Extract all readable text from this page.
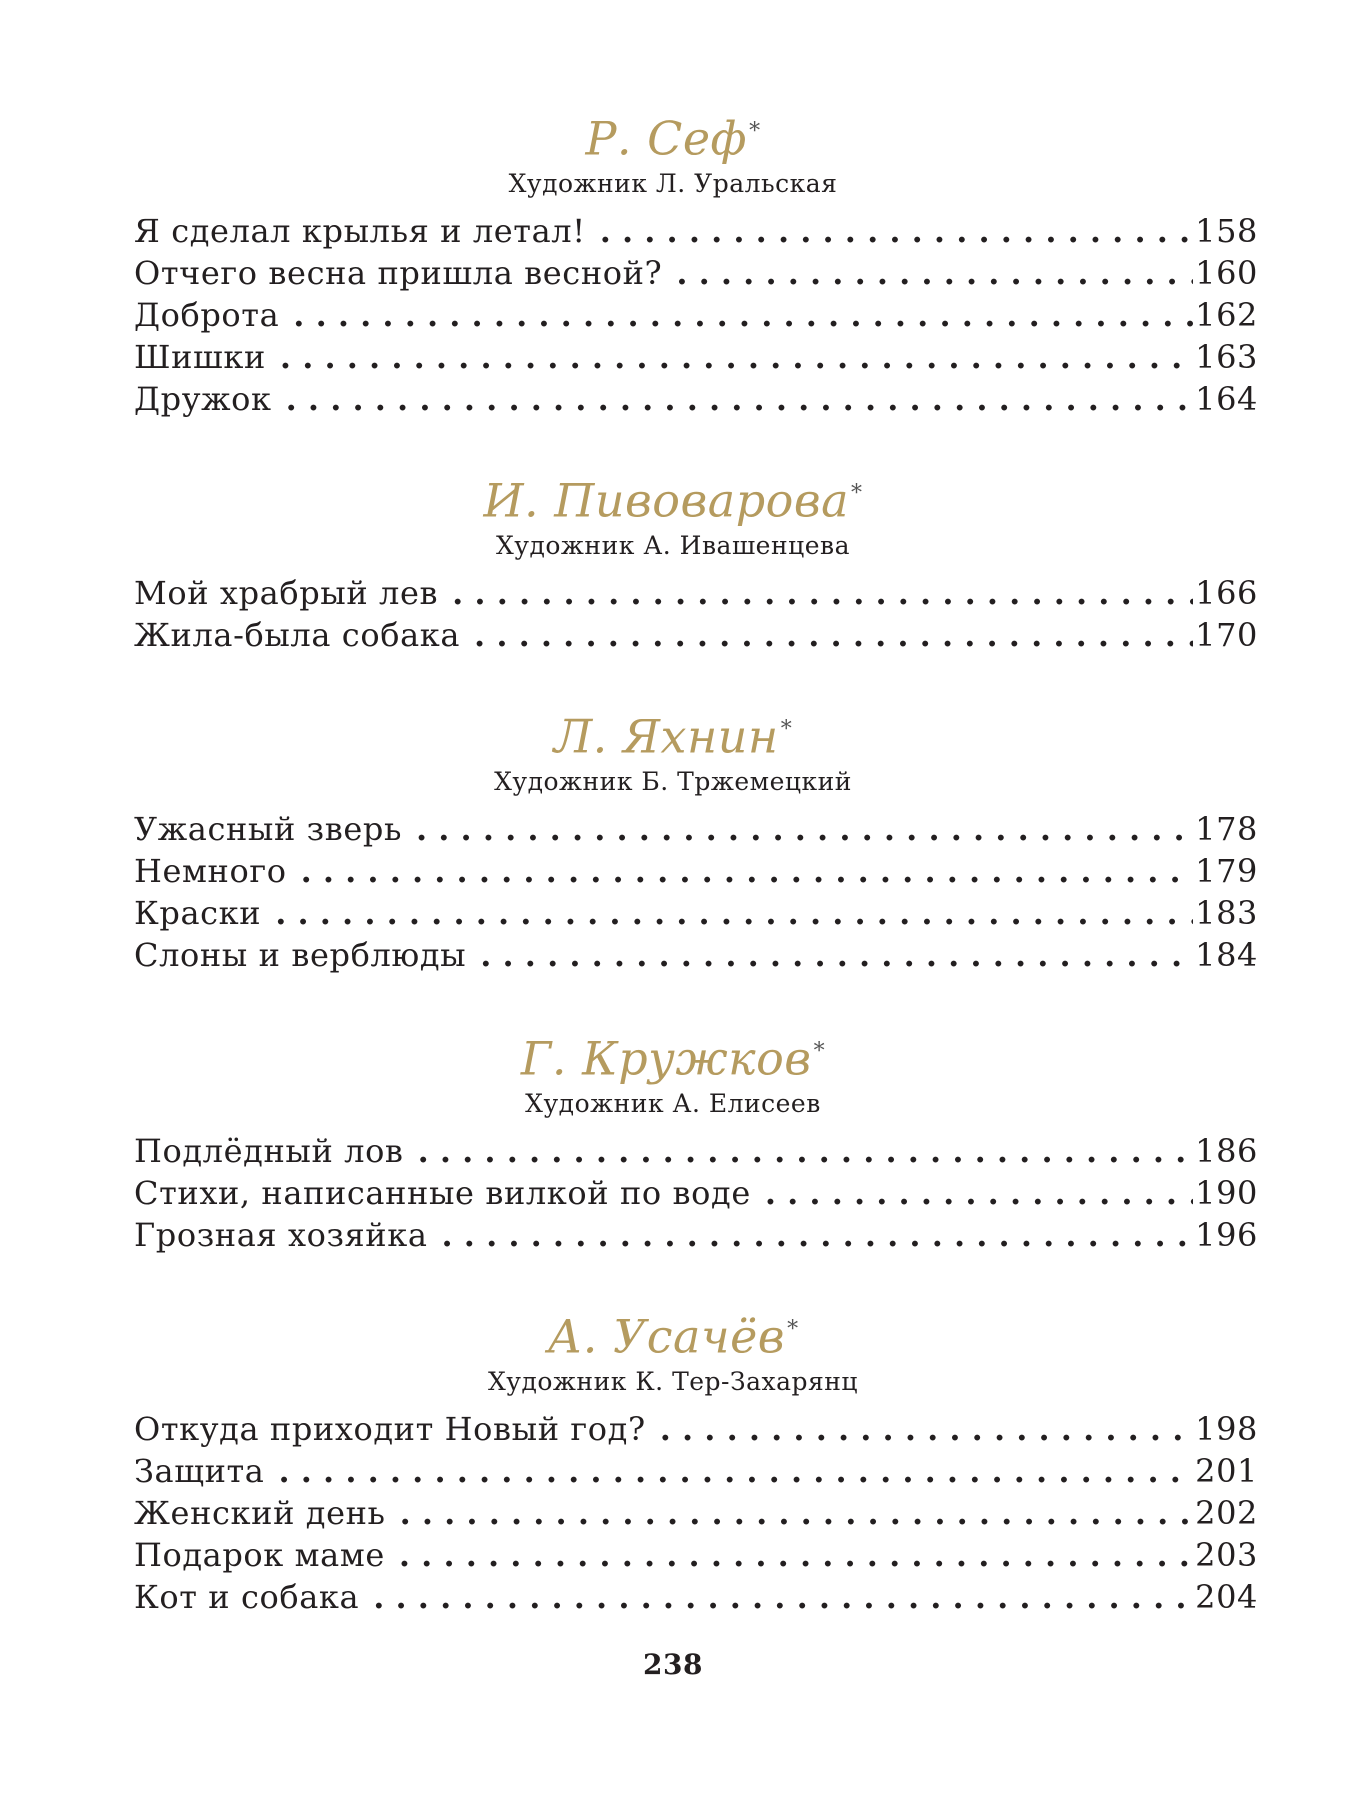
Р. Сеф*
Художник Л. Уральская
Я сделал крылья и летал! . . .	158
Отчего весна пришла весной? . . .	160
Доброта . . .	162
Шишки . . .	163
Дружок . . .	164
И. Пивоварова*
Художник А. Ивашенцева
Мой храбрый лев . . .	166
Жила-была собака . . .	170
Л. Яхнин*
Художник Б. Тржемецкий
Ужасный зверь . . .	178
Немного . . .	179
Краски . . .	183
Слоны и верблюды . . .	184
Г. Кружков*
Художник А. Елисеев
Подлёдный лов . . .	186
Стихи, написанные вилкой по воде . . .	190
Грозная хозяйка . . .	196
А. Усачёв*
Художник К. Тер-Захарянц
Откуда приходит Новый год? . . .	198
Защита . . .	201
Женский день . . .	202
Подарок маме . . .	203
Кот и собака . . .	204
238
